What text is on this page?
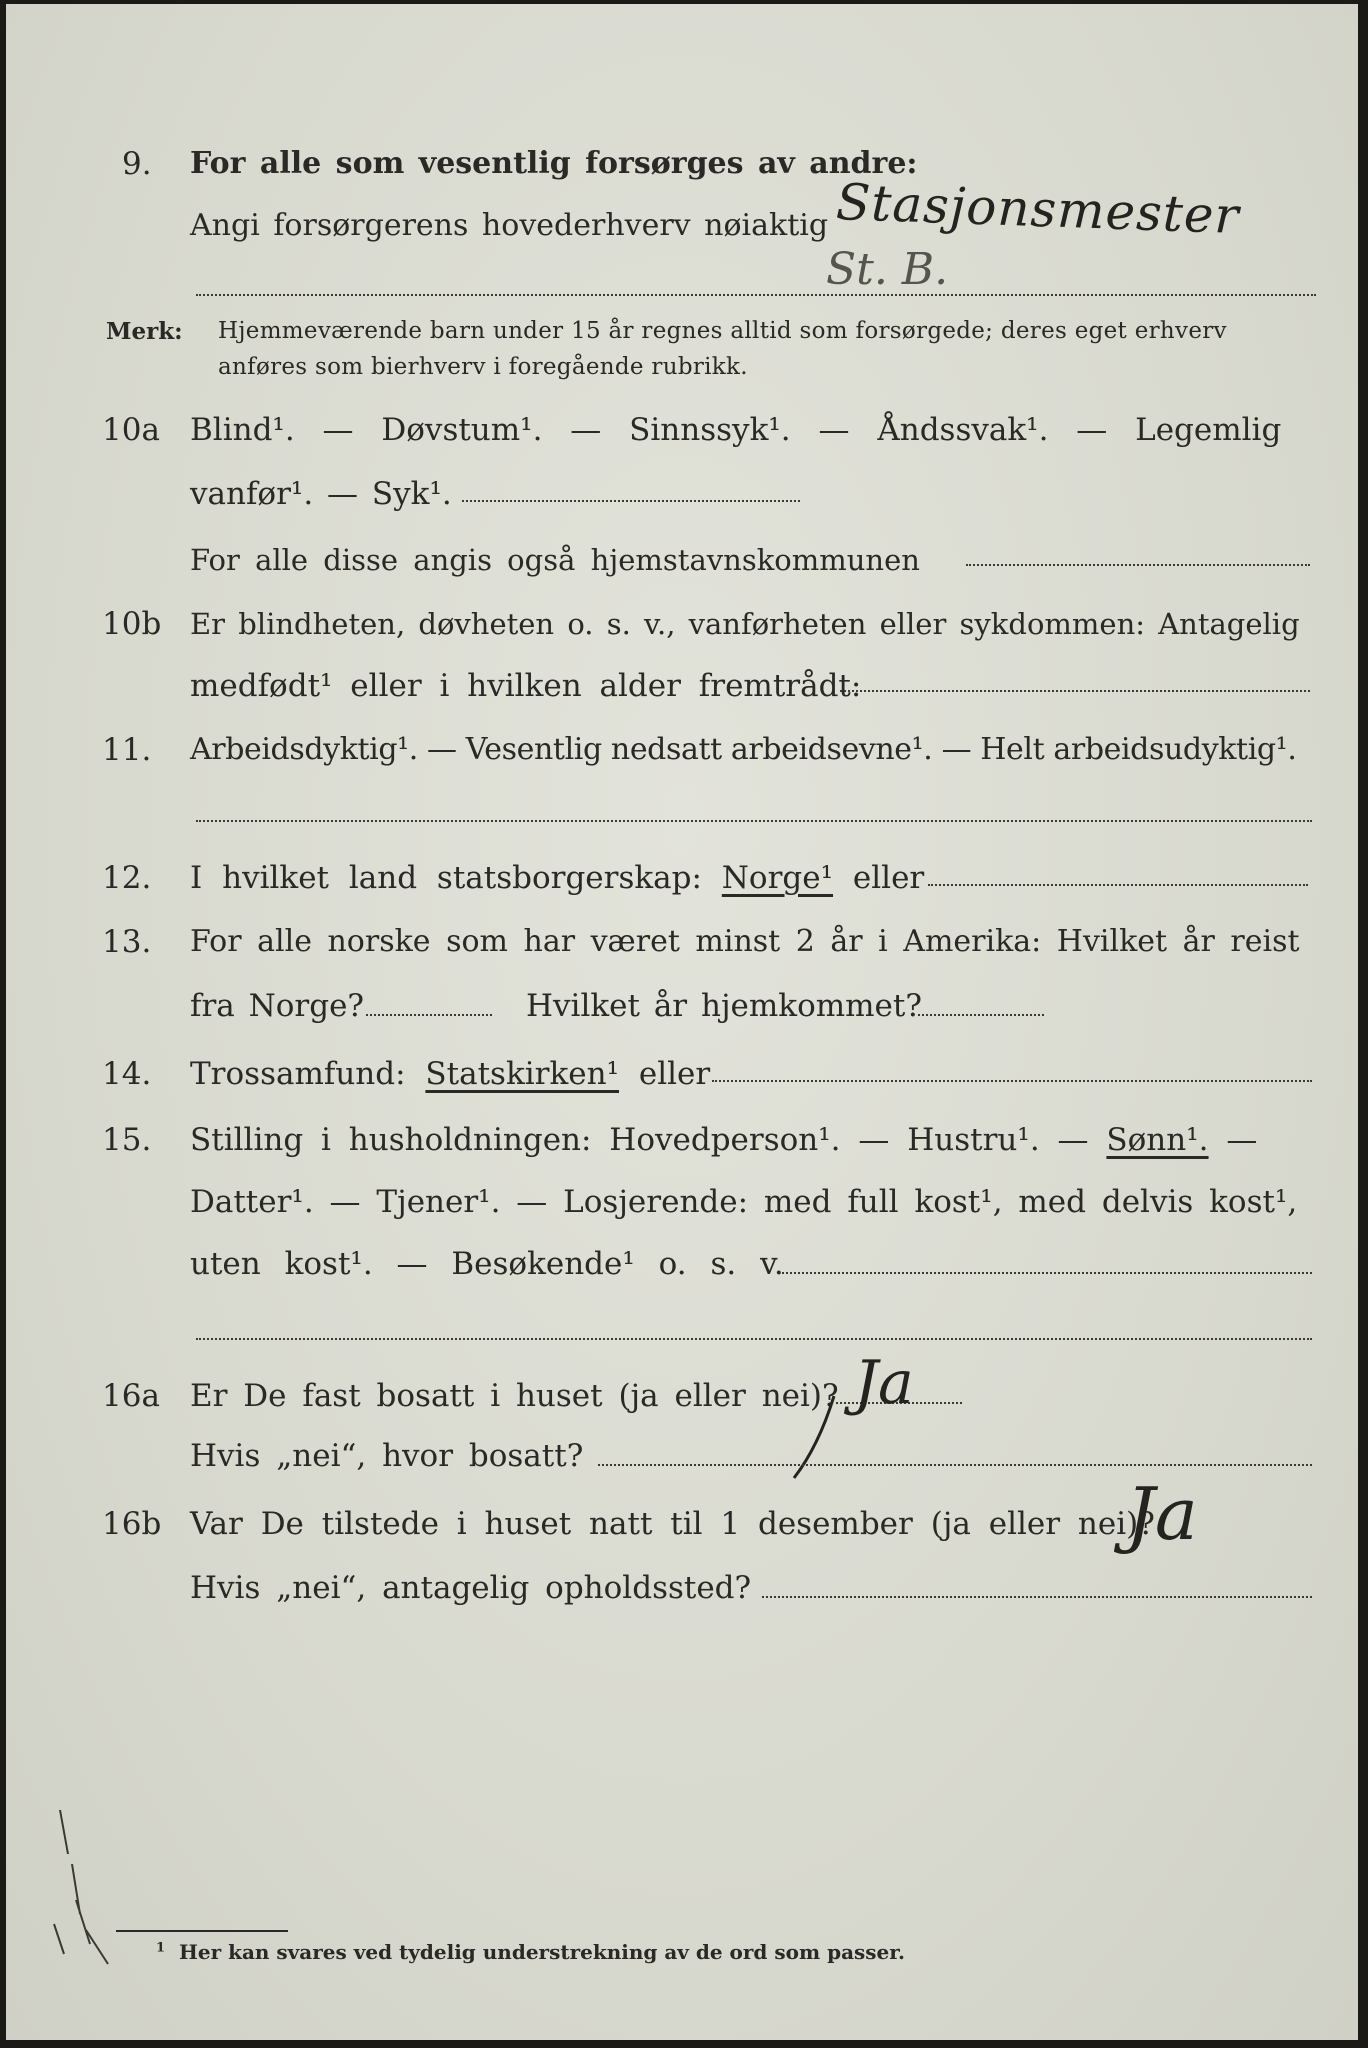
9. For alle som vesentlig forsørges av andre:
Angi forsørgerens hovederhverv nøiaktig Stasjonsmester
St. B.
Merk: Hjemmeværende barn under 15 år regnes alltid som forsørgede; deres eget erhverv
anføres som bierhverv i foregående rubrikk.
10a Blind¹. — Døvstum¹. — Sinnssyk¹. — Åndssvak¹. — Legemlig
vanfør¹. — Syk¹.
For alle disse angis også hjemstavnskommunen
10b Er blindheten, døvheten o. s. v., vanførheten eller sykdommen: Antagelig
medfødt¹ eller i hvilken alder fremtrådt:
11. Arbeidsdyktig¹. — Vesentlig nedsatt arbeidsevne¹. — Helt arbeidsudyktig¹.
12. I hvilket land statsborgerskap: Norge¹ eller
13. For alle norske som har været minst 2 år i Amerika: Hvilket år reist
fra Norge?	Hvilket år hjemkommet?
14. Trossamfund: Statskirken¹ eller
15. Stilling i husholdningen: Hovedperson¹. — Hustru¹. — Sønn¹. —
Datter¹. — Tjener¹. — Losjerende: med full kost¹, med delvis kost¹,
uten kost¹. — Besøkende¹ o. s. v.
16a Er De fast bosatt i huset (ja eller nei)? Ja
Hvis „nei“, hvor bosatt?
16b Var De tilstede i huset natt til 1 desember (ja eller nei)?
Ja
Hvis „nei“, antagelig opholdssted?
$^1$ Her kan svares ved tydelig understrekning av de ord som passer.
